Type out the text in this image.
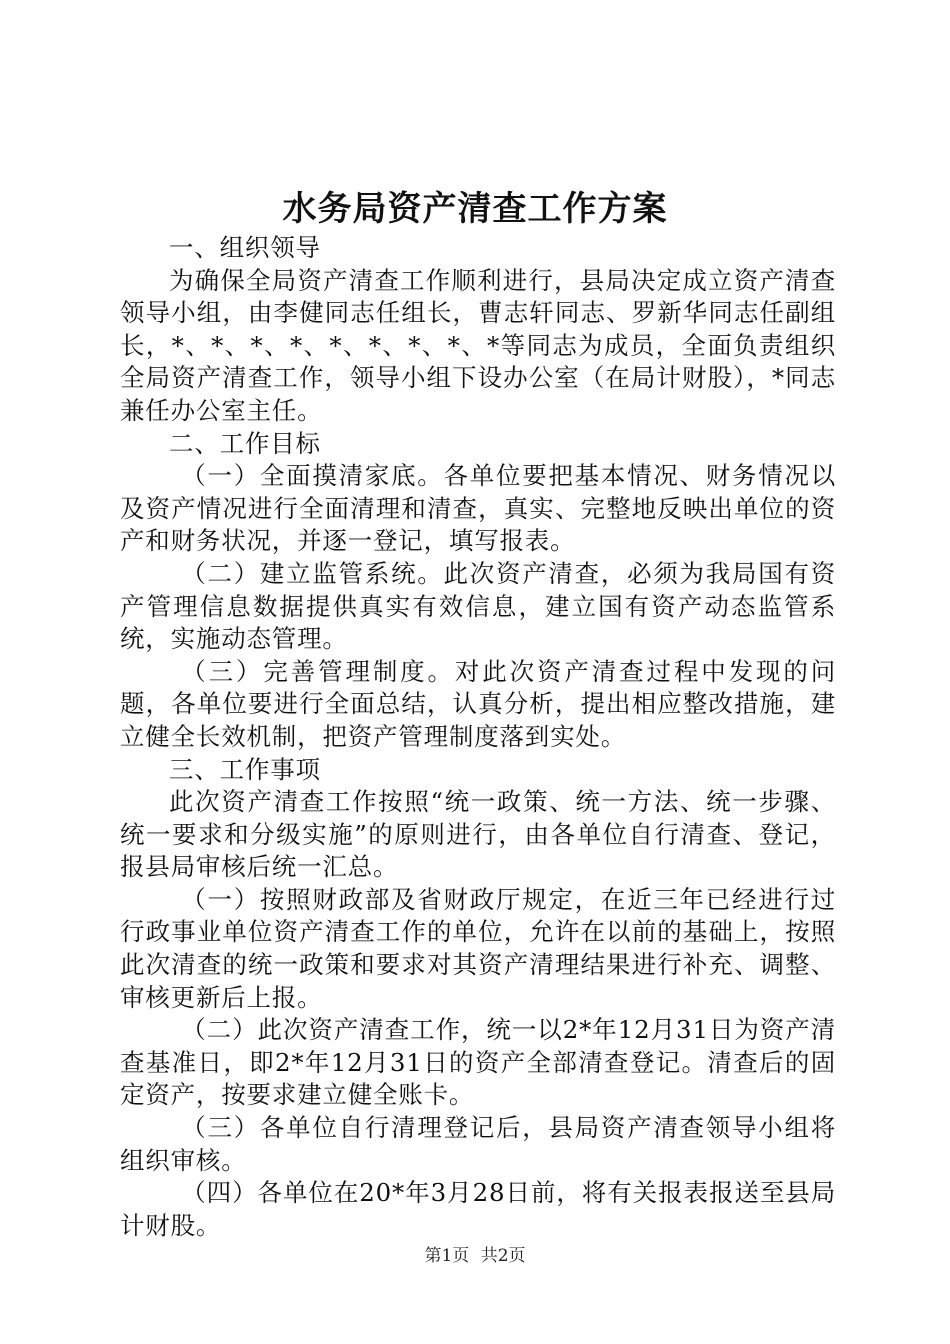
水务局资产清查工作方案

一、组织领导

为确保全局资产清查工作顺利进行，县局决定成立资产清查领导小组，由李健同志任组长，曹志轩同志、罗新华同志任副组长，*、*、*、*、*、*、*、*、*等同志为成员，全面负责组织全局资产清查工作，领导小组下设办公室（在局计财股），*同志兼任办公室主任。

二、工作目标

（一）全面摸清家底。各单位要把基本情况、财务情况以及资产情况进行全面清理和清查，真实、完整地反映出单位的资产和财务状况，并逐一登记，填写报表。

（二）建立监管系统。此次资产清查，必须为我局国有资产管理信息数据提供真实有效信息，建立国有资产动态监管系统，实施动态管理。

（三）完善管理制度。对此次资产清查过程中发现的问题，各单位要进行全面总结，认真分析，提出相应整改措施，建立健全长效机制，把资产管理制度落到实处。

三、工作事项

此次资产清查工作按照“统一政策、统一方法、统一步骤、统一要求和分级实施”的原则进行，由各单位自行清查、登记，报县局审核后统一汇总。

（一）按照财政部及省财政厅规定，在近三年已经进行过行政事业单位资产清查工作的单位，允许在以前的基础上，按照此次清查的统一政策和要求对其资产清理结果进行补充、调整、审核更新后上报。

（二）此次资产清查工作，统一以2*年12月31日为资产清查基准日，即2*年12月31日的资产全部清查登记。清查后的固定资产，按要求建立健全账卡。

（三）各单位自行清理登记后，县局资产清查领导小组将组织审核。

（四）各单位在20*年3月28日前，将有关报表报送至县局计财股。

第1页 共2页
